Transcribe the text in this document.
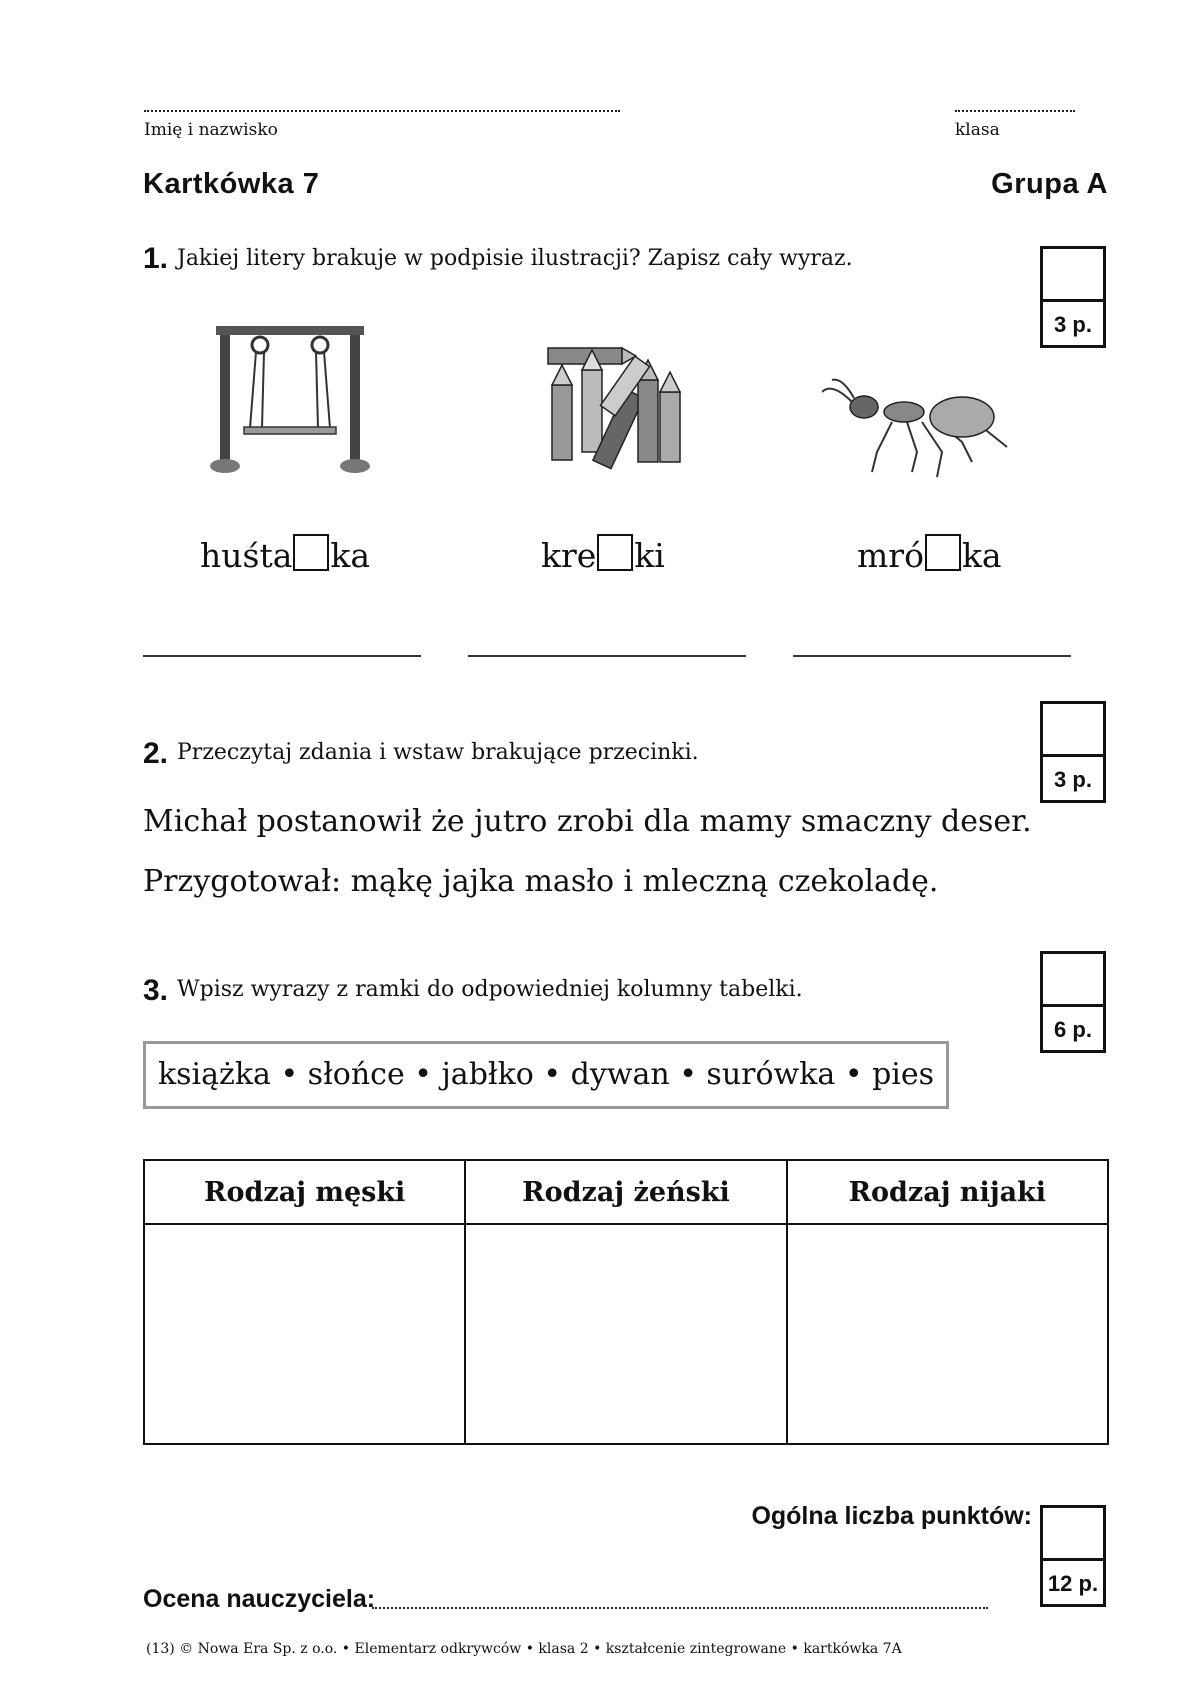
Imię i nazwisko	klasa
Kartkówka 7	Grupa A
1. Jakiej litery brakuje w podpisie ilustracji? Zapisz cały wyraz.
3 p.
huśta ka	kre ki	mró ka
2. Przeczytaj zdania i wstaw brakujące przecinki.
3 p.
Michał postanowił że jutro zrobi dla mamy smaczny deser.
Przygotował: mąkę jajka masło i mleczną czekoladę.
3. Wpisz wyrazy z ramki do odpowiedniej kolumny tabelki.
6 p.
książka • słońce • jabłko • dywan • surówka • pies
Rodzaj męski	Rodzaj żeński	Rodzaj nijaki

Ogólna liczba punktów:
12 p.
Ocena nauczyciela:
(13) © Nowa Era Sp. z o.o. • Elementarz odkrywców • klasa 2 • kształcenie zintegrowane • kartkówka 7A
